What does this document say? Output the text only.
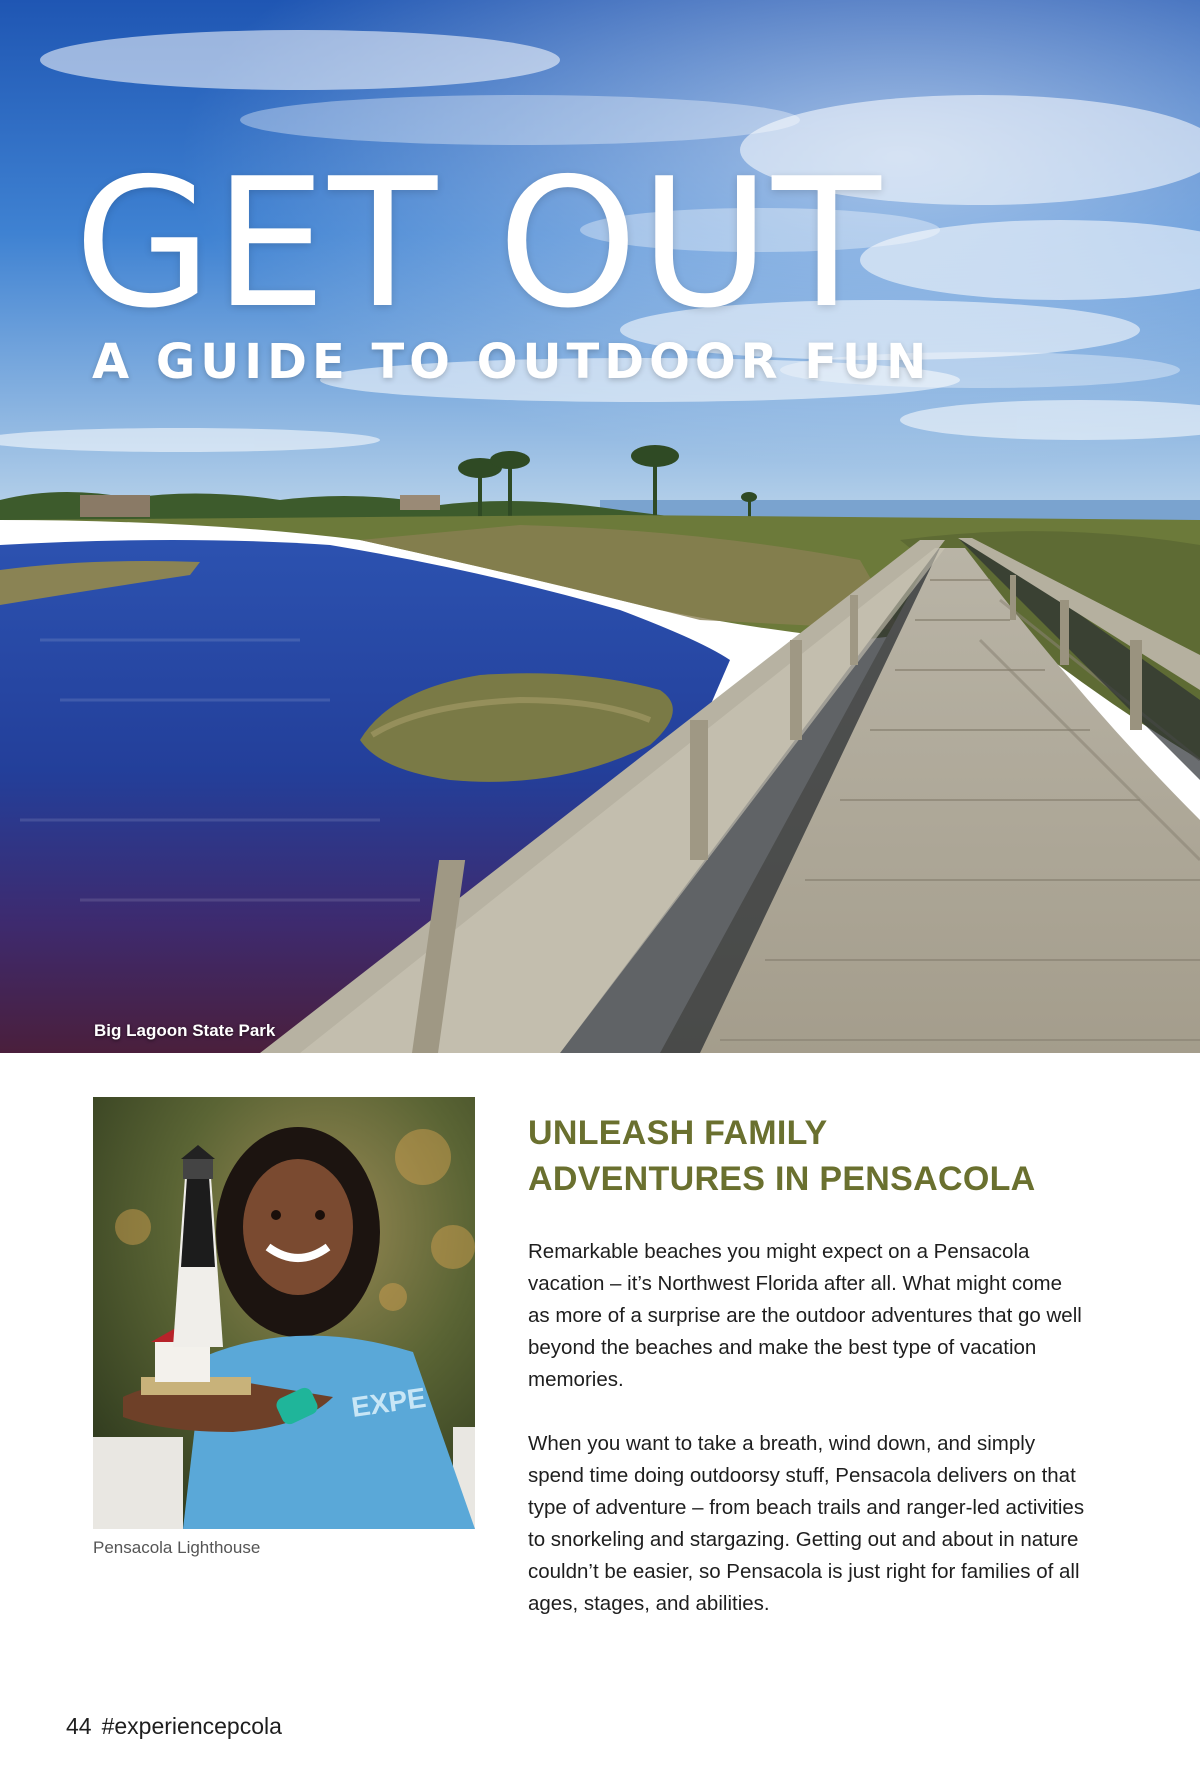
GET OUT
A GUIDE TO OUTDOOR FUN
Big Lagoon State Park
EXPE
Pensacola Lighthouse
UNLEASH FAMILY
ADVENTURES IN PENSACOLA

Remarkable beaches you might expect on a Pensacola vacation – it’s Northwest Florida after all. What might come as more of a surprise are the outdoor adventures that go well beyond the beaches and make the best type of vacation memories.

When you want to take a breath, wind down, and simply spend time doing outdoorsy stuff, Pensacola delivers on that type of adventure – from beach trails and ranger-led activities to snorkeling and stargazing. Getting out and about in nature couldn’t be easier, so Pensacola is just right for families of all ages, stages, and abilities.

44 #experiencepcola
